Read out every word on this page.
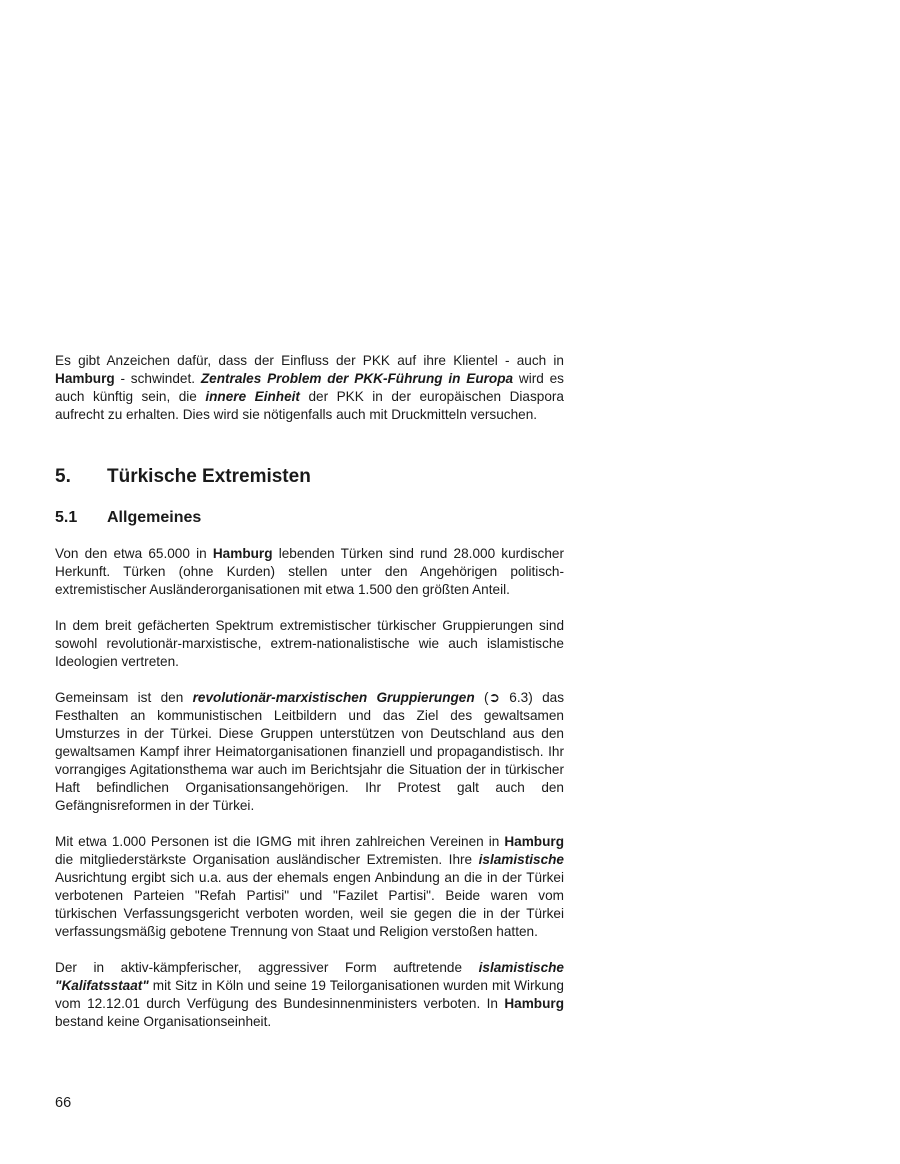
Es gibt Anzeichen dafür, dass der Einfluss der PKK auf ihre Klientel - auch in Hamburg - schwindet. Zentrales Problem der PKK-Führung in Europa wird es auch künftig sein, die innere Einheit der PKK in der europäischen Diaspora aufrecht zu erhalten. Dies wird sie nötigenfalls auch mit Druckmitteln versuchen.

5.	Türkische Extremisten
5.1	Allgemeines

Von den etwa 65.000 in Hamburg lebenden Türken sind rund 28.000 kurdischer Herkunft. Türken (ohne Kurden) stellen unter den Angehörigen politisch-extremistischer Ausländerorganisationen mit etwa 1.500 den größten Anteil.

In dem breit gefächerten Spektrum extremistischer türkischer Gruppierungen sind sowohl revolutionär-marxistische, extrem-nationalistische wie auch islamistische Ideologien vertreten.

Gemeinsam ist den revolutionär-marxistischen Gruppierungen (➲ 6.3) das Festhalten an kommunistischen Leitbildern und das Ziel des gewaltsamen Umsturzes in der Türkei. Diese Gruppen unterstützen von Deutschland aus den gewaltsamen Kampf ihrer Heimatorganisationen finanziell und propagandistisch. Ihr vorrangiges Agitationsthema war auch im Berichtsjahr die Situation der in türkischer Haft befindlichen Organisationsangehörigen. Ihr Protest galt auch den Gefängnisreformen in der Türkei.

Mit etwa 1.000 Personen ist die IGMG mit ihren zahlreichen Vereinen in Hamburg die mitgliederstärkste Organisation ausländischer Extremisten. Ihre islamistische Ausrichtung ergibt sich u.a. aus der ehemals engen Anbindung an die in der Türkei verbotenen Parteien "Refah Partisi" und "Fazilet Partisi". Beide waren vom türkischen Verfassungsgericht verboten worden, weil sie gegen die in der Türkei verfassungsmäßig gebotene Trennung von Staat und Religion verstoßen hatten.

Der in aktiv-kämpferischer, aggressiver Form auftretende islamistische "Kalifatsstaat" mit Sitz in Köln und seine 19 Teilorganisationen wurden mit Wirkung vom 12.12.01 durch Verfügung des Bundesinnenministers verboten. In Hamburg bestand keine Organisationseinheit.

66
